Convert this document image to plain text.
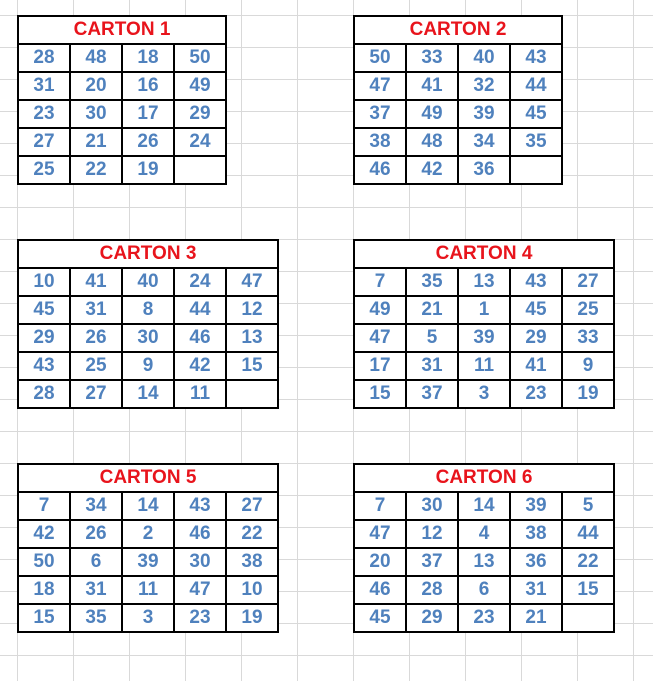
CARTON 1			
28	48	18	50
31	20	16	49
23	30	17	29
27	21	26	24
25	22	19	
CARTON 2			
50	33	40	43
47	41	32	44
37	49	39	45
38	48	34	35
46	42	36	
CARTON 3				
10	41	40	24	47
45	31	8	44	12
29	26	30	46	13
43	25	9	42	15
28	27	14	11	
CARTON 4				
7	35	13	43	27
49	21	1	45	25
47	5	39	29	33
17	31	11	41	9
15	37	3	23	19
CARTON 5				
7	34	14	43	27
42	26	2	46	22
50	6	39	30	38
18	31	11	47	10
15	35	3	23	19
CARTON 6				
7	30	14	39	5
47	12	4	38	44
20	37	13	36	22
46	28	6	31	15
45	29	23	21	
